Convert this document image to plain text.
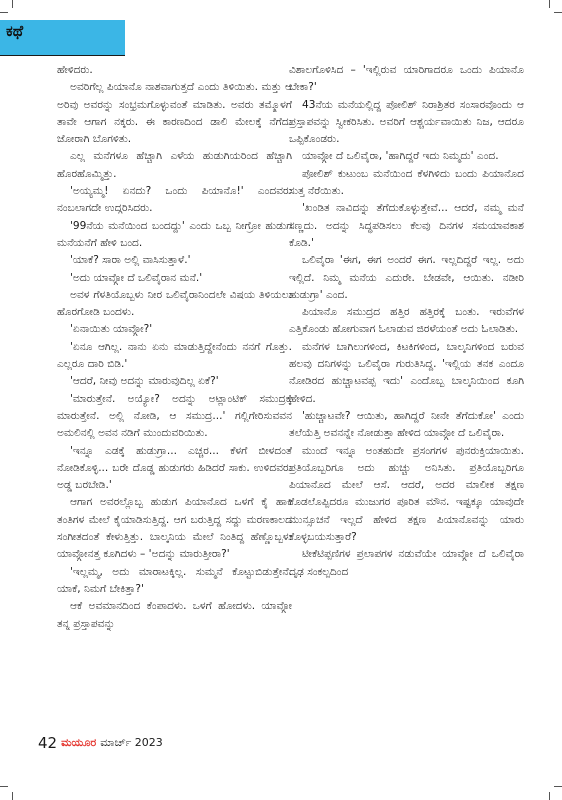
ಕಥೆ

ಹೇಳಿದರು.

ಅವರಿಗೆಲ್ಲ ಪಿಯಾನೊ ನಾಶವಾಗುತ್ತದೆ ಎಂದು ತಿಳಿಯಿತು. ಮತ್ತು ಆ ಅರಿವು ಅವರನ್ನು ಸಂಭ್ರಮಗೊಳ್ಳುವಂತೆ ಮಾಡಿತು. ಅವರು ತಮ್ಮೊಳಗೆ ತಾವೇ ಆಗಾಗ ನಕ್ಕರು. ಈ ಕಾರಣದಿಂದ ಡಾಲಿ ಮೇಲಕ್ಕೆ ನೆಗೆದು ಜೋರಾಗಿ ಬೊಗಳಿತು.

ಎಲ್ಲ ಮನೆಗಳೂ ಹೆಚ್ಚಾಗಿ ಎಳೆಯ ಹುಡುಗಿಯರಿಂದ ಹೆಚ್ಚಾಗಿ ಹೊರಹೊಮ್ಮಿತ್ತು.

'ಅಯ್ಯಮ್ಮ! ಏನದು? ಒಂದು ಪಿಯಾನೊ!' ಎಂದವರು ನಂಬಲಾಗದೇ ಉದ್ಗರಿಸಿದರು.

'99ನೆಯ ಮನೆಯಿಂದ ಬಂದದ್ದು' ಎಂದು ಒಬ್ಬ ನೀಗ್ರೋ ಹುಡುಗ ಮನೆಯನೆಗೆ ಹೇಳಿ ಬಂದ.

'ಯಾಕೆ? ಸಾರಾ ಅಲ್ಲಿ ವಾಸಿಸುತ್ತಾಳೆ.'

'ಅದು ಯಾವ್ಗೋ ದೆ ಒಲಿವೈರಾನ ಮನೆ.'

ಅವಳ ಗೆಳತಿಯೊಬ್ಬಳು ನೀರ ಒಲಿವೈರಾನಿಂದಲೇ ವಿಷಯ ತಿಳಿಯಲು ಹೊರಗೋಡಿ ಬಂದಳು.

'ಏನಾಯಿತು ಯಾವ್ಗೋ?'

'ಏನೂ ಆಗಿಲ್ಲ. ನಾನು ಏನು ಮಾಡುತ್ತಿದ್ದೇನೆಂದು ನನಗೆ ಗೊತ್ತು. ಎಲ್ಲರೂ ದಾರಿ ಬಿಡಿ.'

'ಆದರೆ, ನೀವು ಅದನ್ನು ಮಾರುವುದಿಲ್ಲ ಏಕೆ?'

'ಮಾರುತ್ತೇನೆ. ಅಯ್ಯೋ? ಅದನ್ನು ಅಟ್ಲಾಂಟಿಕ್ ಸಮುದ್ರಕ್ಕೆ ಮಾರುತ್ತೇನೆ. ಅಲ್ಲಿ ನೋಡಿ, ಆ ಸಮುದ್ರ...' ಗಲ್ಲಿಗೇರಿಸುವವನ ಅಮಲಿನಲ್ಲಿ ಅವನ ನಡಿಗೆ ಮುಂದುವರಿಯಿತು.

'ಇನ್ನೂ ಎಡಕ್ಕೆ ಹುಡುಗ್ರಾ... ಎಚ್ಚರ... ಕೆಳಗೆ ಬೀಳದಂತೆ ನೋಡಿಕೊಳ್ಳಿ... ಬರೇ ದೊಡ್ಡ ಹುಡುಗರು ಹಿಡಿದರೆ ಸಾಕು. ಉಳಿದವರು ಅಡ್ಡ ಬರಬೇಡಿ.'

ಆಗಾಗ ಅವರಲ್ಲೊಬ್ಬ ಹುಡುಗ ಪಿಯಾನೊದ ಒಳಗೆ ಕೈ ಹಾಕಿ ತಂತಿಗಳ ಮೇಲೆ ಕೈಯಾಡಿಸುತ್ತಿದ್ದ. ಆಗ ಬರುತ್ತಿದ್ದ ಸದ್ದು ಮರಣಕಾಲದ ಸಂಗೀತದಂತೆ ಕೇಳುತ್ತಿತ್ತು. ಬಾಲ್ಕನಿಯ ಮೇಲೆ ನಿಂತಿದ್ದ ಹೆಣ್ಣೊಬ್ಬಳು ಯಾವ್ಗೋನತ್ತ ಕೂಗಿದಳು – 'ಅದನ್ನು ಮಾರುತ್ತೀರಾ?'

'ಇಲ್ಲಮ್ಮ, ಅದು ಮಾರಾಟಕ್ಕಿಲ್ಲ. ಸುಮ್ಮನೆ ಕೊಟ್ಟುಬಿಡುತ್ತೇನೆ. ಯಾಕೆ, ನಿಮಗೆ ಬೇಕಿತ್ತಾ?'

ಆಕೆ ಅವಮಾನದಿಂದ ಕೆಂಪಾದಳು. ಒಳಗೆ ಹೋದಳು. ಯಾವ್ಗೋ ತನ್ನ ಪ್ರಸ್ತಾಪವನ್ನು

ವಿಶಾಲಗೊಳಿಸಿದ – 'ಇಲ್ಲಿರುವ ಯಾರಿಗಾದರೂ ಒಂದು ಪಿಯಾನೊ ಬೇಕಾ?'

43ನೆಯ ಮನೆಯಲ್ಲಿದ್ದ ಪೋಲಿಶ್ ನಿರಾಶ್ರಿತರ ಸಂಸಾರವೊಂದು ಆ ಪ್ರಸ್ತಾಪವನ್ನು ಸ್ವೀಕರಿಸಿತು. ಅವರಿಗೆ ಆಶ್ಚರ್ಯವಾಯಿತು ನಿಜ, ಆದರೂ ಒಪ್ಪಿಕೊಂಡರು.

ಯಾವ್ಗೋ ದೆ ಒಲಿವೈರಾ, 'ಹಾಗಿದ್ದರೆ ಇದು ನಿಮ್ಮದು' ಎಂದ.

ಪೋಲಿಶ್ ಕುಟುಂಬ ಮನೆಯಿಂದ ಕೆಳಗಿಳಿದು ಬಂದು ಪಿಯಾನೊದ ಸುತ್ತ ನೆರೆಯಿತು.

'ಖಂಡಿತ ನಾವಿದನ್ನು ತೆಗೆದುಕೊಳ್ಳುತ್ತೇವೆ... ಆದರೆ, ನಮ್ಮ ಮನೆ ಸಣ್ಣದು. ಅದನ್ನು ಸಿದ್ಧಪಡಿಸಲು ಕೆಲವು ದಿನಗಳ ಸಮಯಾವಕಾಶ ಕೊಡಿ.'

ಒಲಿವೈರಾ 'ಈಗ, ಈಗ ಅಂದರೆ ಈಗ. ಇಲ್ಲದಿದ್ದರೆ ಇಲ್ಲ. ಅದು ಇಲ್ಲಿದೆ. ನಿಮ್ಮ ಮನೆಯ ಎದುರೇ. ಬೇಡವೇ, ಆಯಿತು. ನಡೀರಿ ಹುಡುಗ್ರಾ' ಎಂದ.

ಪಿಯಾನೊ ಸಮುದ್ರದ ಹತ್ತಿರ ಹತ್ತಿರಕ್ಕೆ ಬಂತು. ಇರುವೆಗಳ ಎತ್ತಿಕೊಂಡು ಹೋಗುವಾಗ ಓಲಾಡುವ ಜಿರಳೆಯಂತೆ ಅದು ಓಲಾಡಿತು.

ಮನೆಗಳ ಬಾಗಿಲುಗಳಿಂದ, ಕಿಟಕಿಗಳಿಂದ, ಬಾಲ್ಕನಿಗಳಿಂದ ಬರುವ ಹಲವು ದನಿಗಳನ್ನು ಒಲಿವೈರಾ ಗುರುತಿಸಿದ್ದ. 'ಇಲ್ಲಿಯ ತನಕ ಎಂದೂ ನೋಡಿರದ ಹುಚ್ಚಾಟವಪ್ಪ ಇದು' ಎಂದೊಬ್ಬ ಬಾಲ್ಕನಿಯಿಂದ ಕೂಗಿ ಹೇಳಿದ.

'ಹುಚ್ಚಾಟವೇ? ಆಯಿತು, ಹಾಗಿದ್ದರೆ ನೀನೇ ತೆಗೆದುಕೋ' ಎಂದು ತಲೆಯೆತ್ತಿ ಅವನನ್ನೇ ನೋಡುತ್ತಾ ಹೇಳಿದ ಯಾವ್ಗೋ ದೆ ಒಲಿವೈರಾ.

ಮುಂದೆ ಇನ್ನೂ ಅಂತಹುದೇ ಪ್ರಸಂಗಗಳ ಪುನರುಕ್ತಿಯಾಯಿತು. ಪ್ರತಿಯೊಬ್ಬರಿಗೂ ಅದು ಹುಚ್ಚು ಅನಿಸಿತು. ಪ್ರತಿಯೊಬ್ಬರಿಗೂ ಪಿಯಾನೊದ ಮೇಲೆ ಆಸೆ. ಆದರೆ, ಅದರ ಮಾಲೀಕ ತಕ್ಷಣ ಕೊಡಲೊಪ್ಪಿದರೂ ಮುಜುಗರ ಪೂರಿತ ಮೌನ. ಇಷ್ಟಕ್ಕೂ ಯಾವುದೇ ಮುನ್ಸೂಚನೆ ಇಲ್ಲದೆ ಹೇಳಿದ ತಕ್ಷಣ ಪಿಯಾನೊವನ್ನು ಯಾರು ಕೊಳ್ಳಬಯಸುತ್ತಾರೆ?

ಟೀಕೆಟಿಪ್ಪಣಿಗಳ ಪ್ರಲಾಪಗಳ ನಡುವೆಯೇ ಯಾವ್ಗೋ ದೆ ಒಲಿವೈರಾ ದೃಢ ಸಂಕಲ್ಪದಿಂದ

42 ಮಯೂರ ಮಾರ್ಚ್ 2023
